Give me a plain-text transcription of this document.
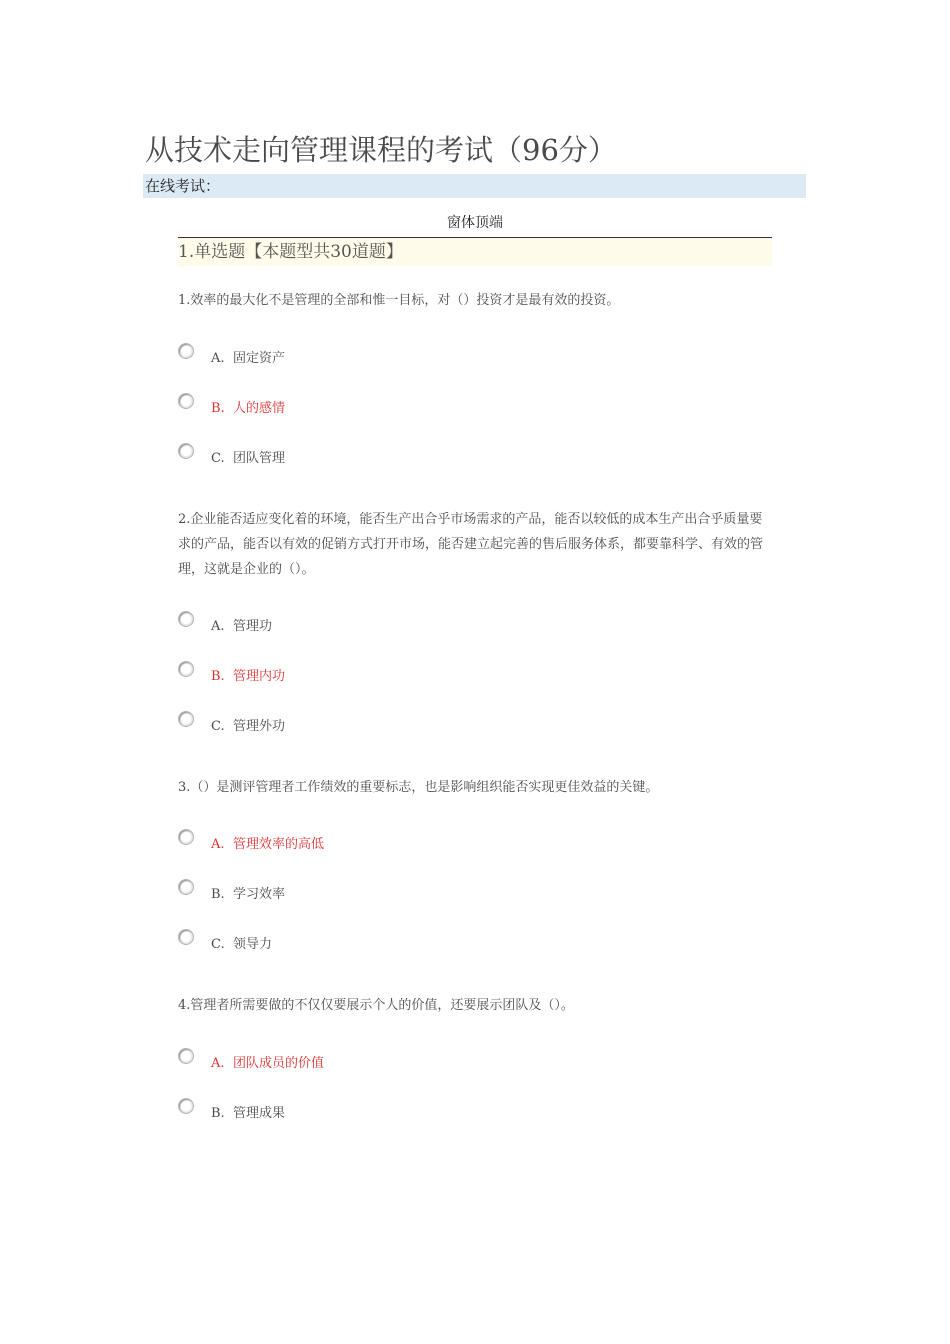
从技术走向管理课程的考试（96分）
在线考试：
窗体顶端
1.单选题【本题型共30道题】
1.效率的最大化不是管理的全部和惟一目标，对（）投资才是最有效的投资。
A. 固定资产
B. 人的感情
C. 团队管理
2.企业能否适应变化着的环境，能否生产出合乎市场需求的产品，能否以较低的成本生产出合乎质量要求的产品，能否以有效的促销方式打开市场，能否建立起完善的售后服务体系，都要靠科学、有效的管理，这就是企业的（）。
A. 管理功
B. 管理内功
C. 管理外功
3.（）是测评管理者工作绩效的重要标志，也是影响组织能否实现更佳效益的关键。
A. 管理效率的高低
B. 学习效率
C. 领导力
4.管理者所需要做的不仅仅要展示个人的价值，还要展示团队及（）。
A. 团队成员的价值
B. 管理成果
